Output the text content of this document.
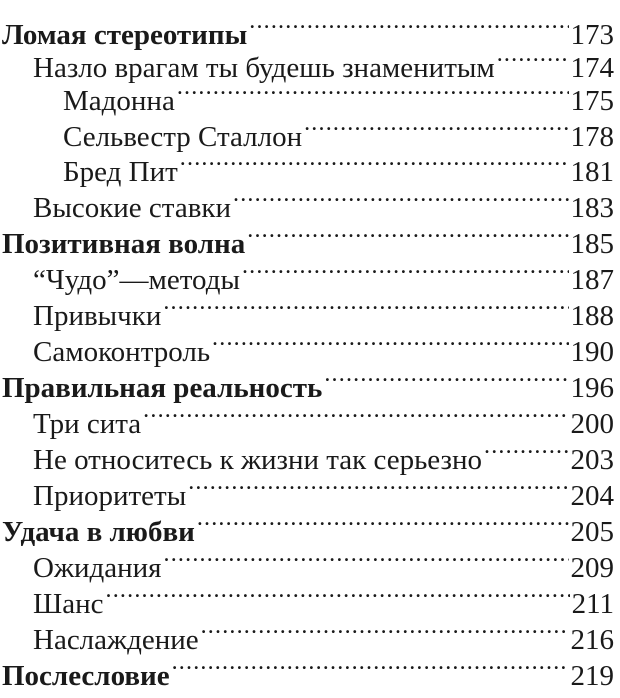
Ломая стереотипы .....	173
Назло врагам ты будешь знаменитым .....	174
Мадонна .....	175
Сельвестр Сталлон .....	178
Бред Пит .....	181
Высокие ставки .....	183
Позитивная волна .....	185
“Чудо”—методы .....	187
Привычки .....	188
Самоконтроль .....	190
Правильная реальность .....	196
Три сита .....	200
Не относитесь к жизни так серьезно .....	203
Приоритеты .....	204
Удача в любви .....	205
Ожидания .....	209
Шанс .....	211
Наслаждение .....	216
Послесловие .....	219
